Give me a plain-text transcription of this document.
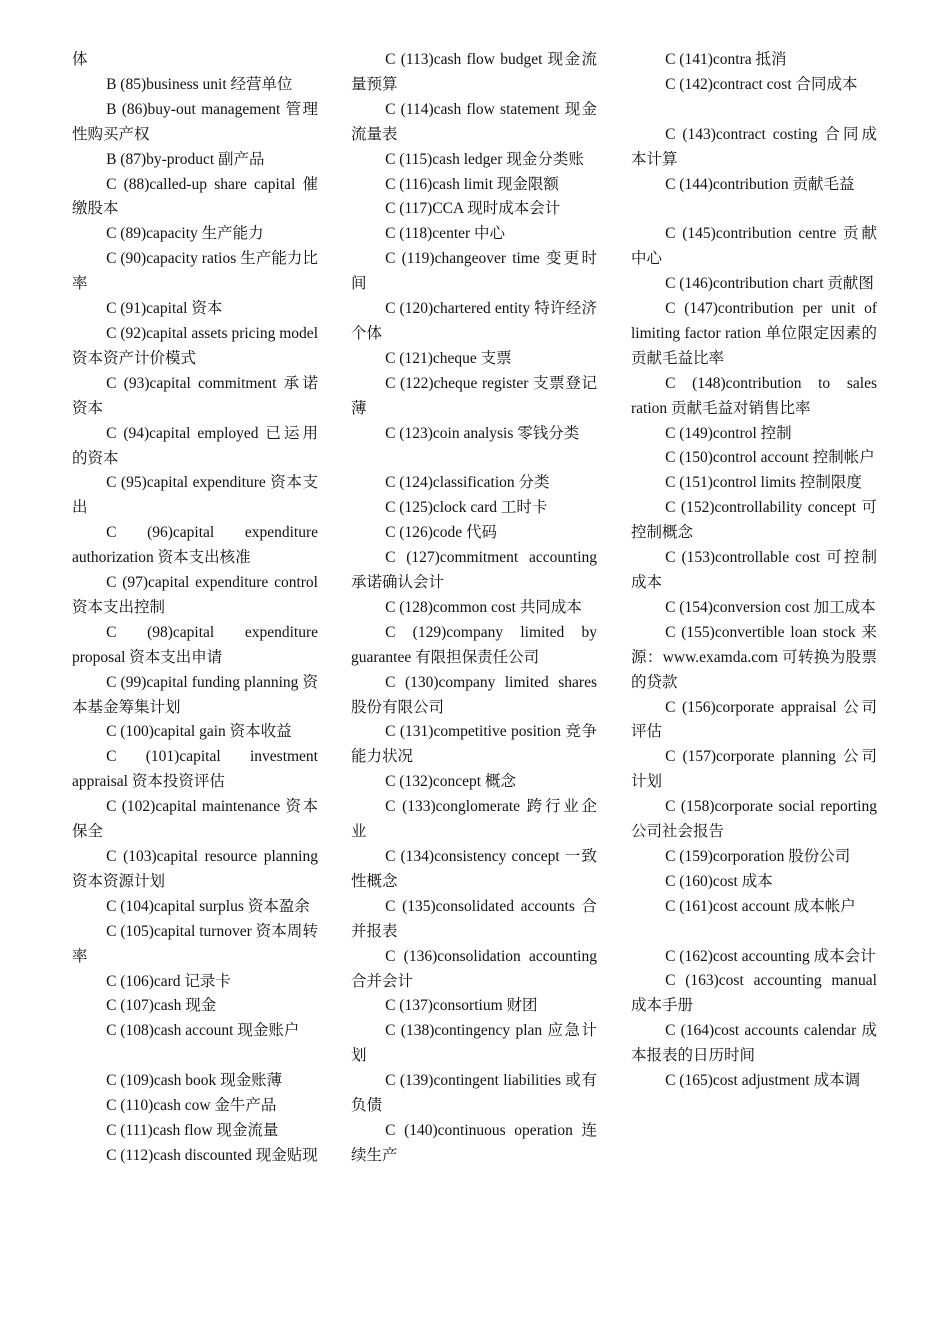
体

B (85)business unit 经营单位

B (86)buy-out management 管理性购买产权

B (87)by-product 副产品

C (88)called-up share capital 催缴股本

C (89)capacity 生产能力

C (90)capacity ratios 生产能力比率

C (91)capital 资本

C (92)capital assets pricing model 资本资产计价模式

C (93)capital commitment 承诺资本

C (94)capital employed 已运用的资本

C (95)capital expenditure 资本支出

C (96)capital expenditure authorization 资本支出核准

C (97)capital expenditure control 资本支出控制

C (98)capital expenditure proposal 资本支出申请

C (99)capital funding planning 资本基金筹集计划

C (100)capital gain 资本收益

C (101)capital investment appraisal 资本投资评估

C (102)capital maintenance 资本保全

C (103)capital resource planning 资本资源计划

C (104)capital surplus 资本盈余

C (105)capital turnover 资本周转率

C (106)card 记录卡

C (107)cash 现金

C (108)cash account 现金账户

C (109)cash book 现金账薄

C (110)cash cow 金牛产品

C (111)cash flow 现金流量

C (112)cash discounted 现金贴现

C (113)cash flow budget 现金流量预算

C (114)cash flow statement 现金流量表

C (115)cash ledger 现金分类账

C (116)cash limit 现金限额

C (117)CCA 现时成本会计

C (118)center 中心

C (119)changeover time 变更时间

C (120)chartered entity 特许经济个体

C (121)cheque 支票

C (122)cheque register 支票登记薄

C (123)coin analysis 零钱分类

C (124)classification 分类

C (125)clock card 工时卡

C (126)code 代码

C (127)commitment accounting 承诺确认会计

C (128)common cost 共同成本

C (129)company limited by guarantee 有限担保责任公司

C (130)company limited shares 股份有限公司

C (131)competitive position 竞争能力状况

C (132)concept 概念

C (133)conglomerate 跨行业企业

C (134)consistency concept 一致性概念

C (135)consolidated accounts 合并报表

C (136)consolidation accounting 合并会计

C (137)consortium 财团

C (138)contingency plan 应急计划

C (139)contingent liabilities 或有负债

C (140)continuous operation 连续生产

C (141)contra 抵消

C (142)contract cost 合同成本

C (143)contract costing 合同成本计算

C (144)contribution 贡献毛益

C (145)contribution centre 贡献中心

C (146)contribution chart 贡献图

C (147)contribution per unit of limiting factor ration 单位限定因素的贡献毛益比率

C (148)contribution to sales ration 贡献毛益对销售比率

C (149)control 控制

C (150)control account 控制帐户

C (151)control limits 控制限度

C (152)controllability concept 可控制概念

C (153)controllable cost 可控制成本

C (154)conversion cost 加工成本

C (155)convertible loan stock 来源：www.examda.com 可转换为股票的贷款

C (156)corporate appraisal 公司评估

C (157)corporate planning 公司计划

C (158)corporate social reporting 公司社会报告

C (159)corporation 股份公司

C (160)cost 成本

C (161)cost account 成本帐户

C (162)cost accounting 成本会计

C (163)cost accounting manual 成本手册

C (164)cost accounts calendar 成本报表的日历时间

C (165)cost adjustment 成本调
